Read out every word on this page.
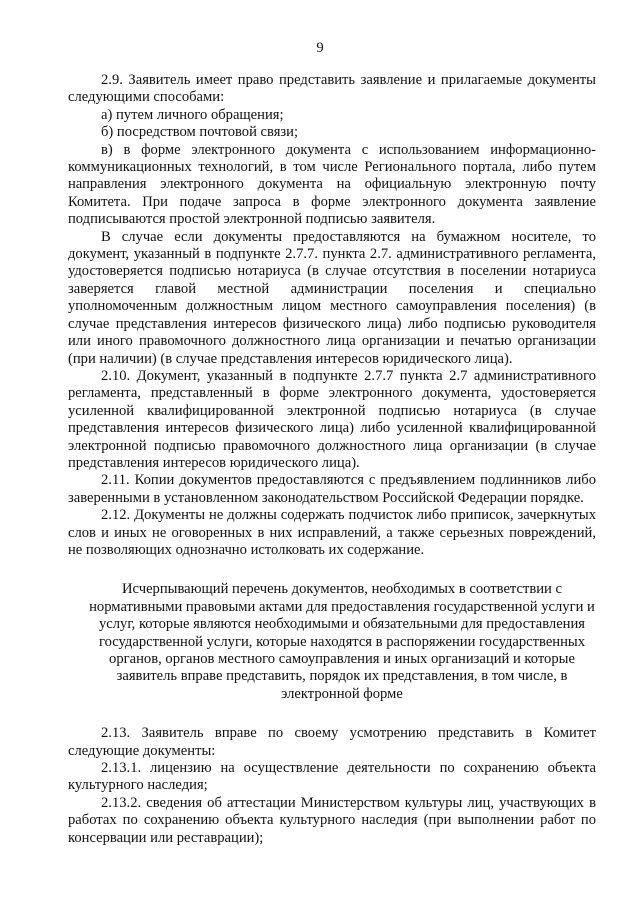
9

2.9. Заявитель имеет право представить заявление и прилагаемые документы следующими способами:

а) путем личного обращения;

б) посредством почтовой связи;

в) в форме электронного документа с использованием информационно-коммуникационных технологий, в том числе Регионального портала, либо путем направления электронного документа на официальную электронную почту Комитета. При подаче запроса в форме электронного документа заявление подписываются простой электронной подписью заявителя.

В случае если документы предоставляются на бумажном носителе, то документ, указанный в подпункте 2.7.7. пункта 2.7. административного регламента, удостоверяется подписью нотариуса (в случае отсутствия в поселении нотариуса заверяется главой местной администрации поселения и специально уполномоченным должностным лицом местного самоуправления поселения) (в случае представления интересов физического лица) либо подписью руководителя или иного правомочного должностного лица организации и печатью организации (при наличии) (в случае представления интересов юридического лица).

2.10. Документ, указанный в подпункте 2.7.7 пункта 2.7 административного регламента, представленный в форме электронного документа, удостоверяется усиленной квалифицированной электронной подписью нотариуса (в случае представления интересов физического лица) либо усиленной квалифицированной электронной подписью правомочного должностного лица организации (в случае представления интересов юридического лица).

2.11. Копии документов предоставляются с предъявлением подлинников либо заверенными в установленном законодательством Российской Федерации порядке.

2.12. Документы не должны содержать подчисток либо приписок, зачеркнутых слов и иных не оговоренных в них исправлений, а также серьезных повреждений, не позволяющих однозначно истолковать их содержание.

Исчерпывающий перечень документов, необходимых в соответствии с нормативными правовыми актами для предоставления государственной услуги и услуг, которые являются необходимыми и обязательными для предоставления государственной услуги, которые находятся в распоряжении государственных органов, органов местного самоуправления и иных организаций и которые заявитель вправе представить, порядок их представления, в том числе, в электронной форме

2.13. Заявитель вправе по своему усмотрению представить в Комитет следующие документы:

2.13.1. лицензию на осуществление деятельности по сохранению объекта культурного наследия;

2.13.2. сведения об аттестации Министерством культуры лиц, участвующих в работах по сохранению объекта культурного наследия (при выполнении работ по консервации или реставрации);
